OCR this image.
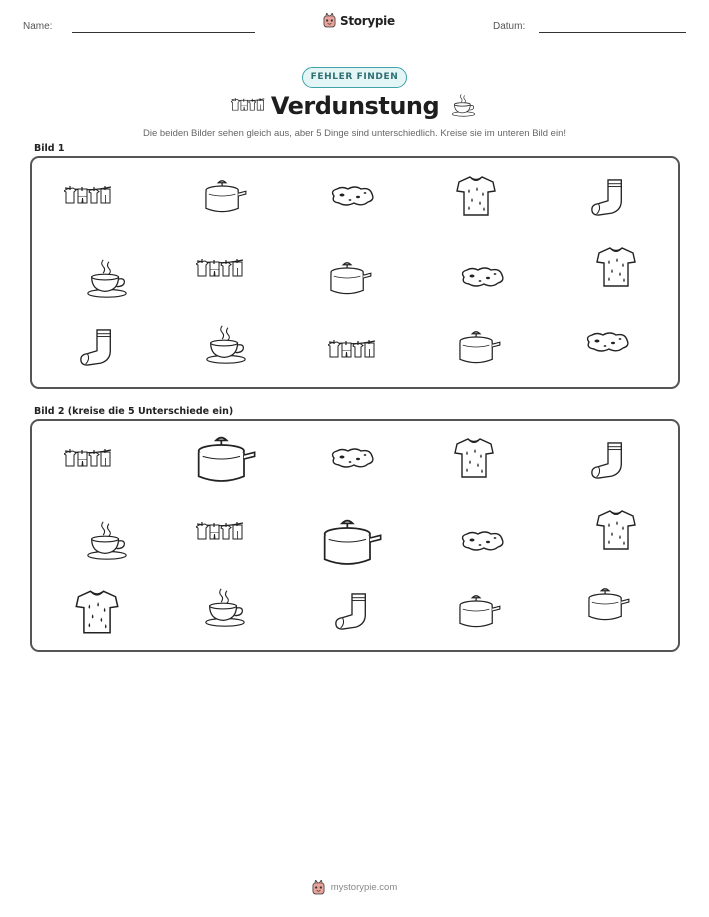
Name:	Storypie	Datum:
FEHLER FINDEN
Verdunstung

Die beiden Bilder sehen gleich aus, aber 5 Dinge sind unterschiedlich. Kreise sie im unteren Bild ein!

Bild 1
Bild 2 (kreise die 5 Unterschiede ein)
mystorypie.com
